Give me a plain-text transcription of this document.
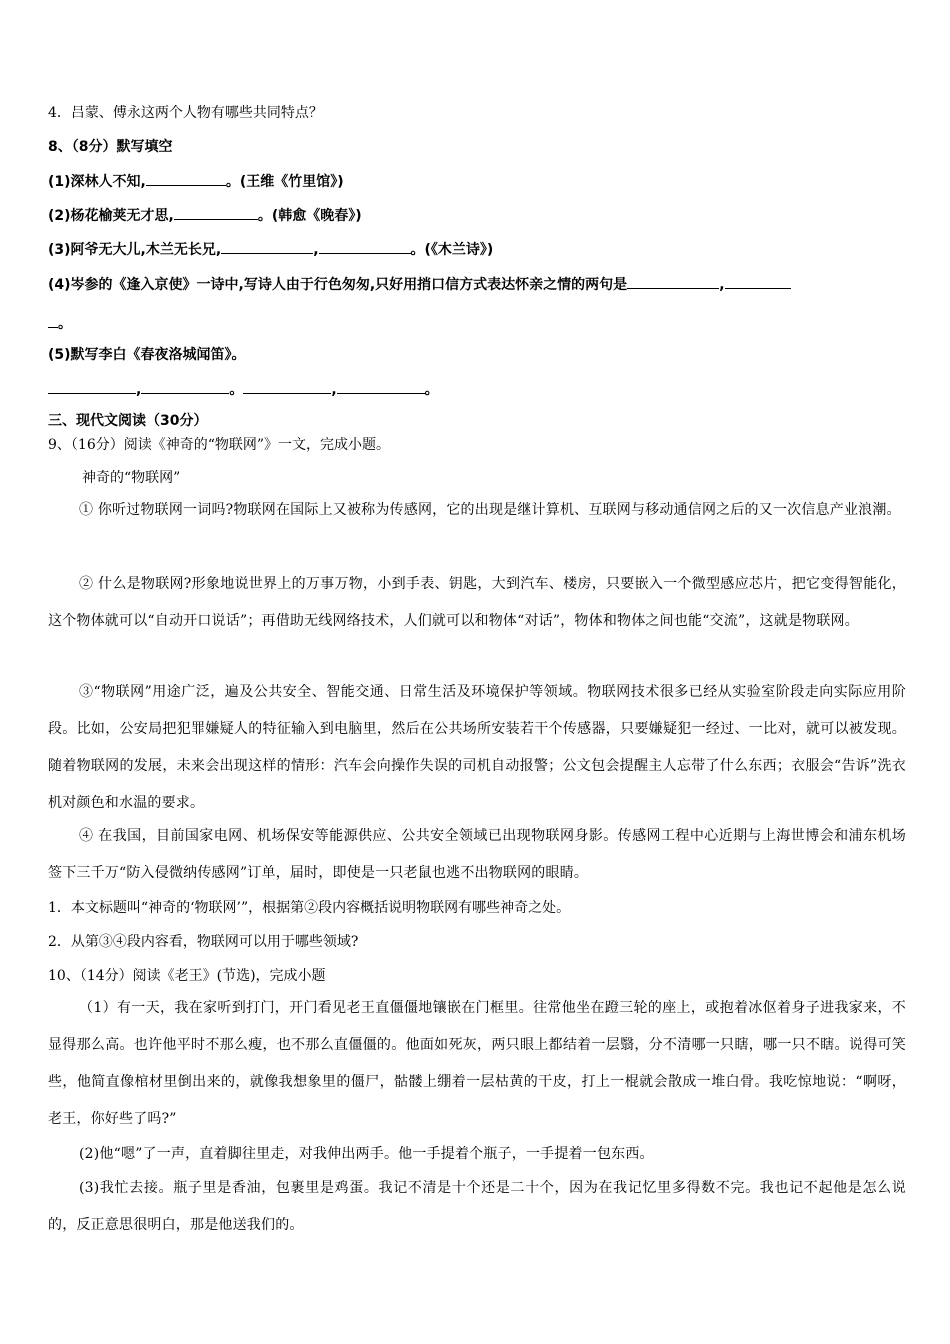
4．吕蒙、傅永这两个人物有哪些共同特点？
8、（8分）默写填空
(1)深林人不知,	。(王维《竹里馆》)
(2)杨花榆荚无才思,	。(韩愈《晚春》)
(3)阿爷无大儿,木兰无长兄,	,	。(《木兰诗》)
(4)岑参的《逢入京使》一诗中,写诗人由于行色匆匆,只好用捎口信方式表达怀亲之情的两句是	,
。
(5)默写李白《春夜洛城闻笛》。
,	。	,	。
三、现代文阅读（30分）
9、（16分）阅读《神奇的“物联网”》一文，完成小题。
神奇的“物联网”
① 你听过物联网一词吗?物联网在国际上又被称为传感网，它的出现是继计算机、互联网与移动通信网之后的又一次信息产业浪潮。
② 什么是物联网?形象地说世界上的万事万物，小到手表、钥匙，大到汽车、楼房，只要嵌入一个微型感应芯片，把它变得智能化，这个物体就可以“自动开口说话”；再借助无线网络技术，人们就可以和物体“对话”，物体和物体之间也能“交流”，这就是物联网。
③“物联网”用途广泛，遍及公共安全、智能交通、日常生活及环境保护等领域。物联网技术很多已经从实验室阶段走向实际应用阶段。比如，公安局把犯罪嫌疑人的特征输入到电脑里，然后在公共场所安装若干个传感器，只要嫌疑犯一经过、一比对，就可以被发现。随着物联网的发展，未来会出现这样的情形：汽车会向操作失误的司机自动报警；公文包会提醒主人忘带了什么东西；衣服会“告诉”洗衣机对颜色和水温的要求。
④ 在我国，目前国家电网、机场保安等能源供应、公共安全领域已出现物联网身影。传感网工程中心近期与上海世博会和浦东机场签下三千万“防入侵微纳传感网”订单，届时，即使是一只老鼠也逃不出物联网的眼睛。
1．本文标题叫“神奇的‘物联网’”，根据第②段内容概括说明物联网有哪些神奇之处。
2．从第③④段内容看，物联网可以用于哪些领域?
10、（14分）阅读《老王》(节选)，完成小题
（1）有一天，我在家听到打门，开门看见老王直僵僵地镶嵌在门框里。往常他坐在蹬三轮的座上，或抱着冰伛着身子进我家来，不显得那么高。也许他平时不那么瘦，也不那么直僵僵的。他面如死灰，两只眼上都结着一层翳，分不清哪一只瞎，哪一只不瞎。说得可笑些，他简直像棺材里倒出来的，就像我想象里的僵尸，骷髅上绷着一层枯黄的干皮，打上一棍就会散成一堆白骨。我吃惊地说：“啊呀，老王，你好些了吗?”
(2)他“嗯”了一声，直着脚往里走，对我伸出两手。他一手提着个瓶子，一手提着一包东西。
(3)我忙去接。瓶子里是香油，包裹里是鸡蛋。我记不清是十个还是二十个，因为在我记忆里多得数不完。我也记不起他是怎么说的，反正意思很明白，那是他送我们的。
